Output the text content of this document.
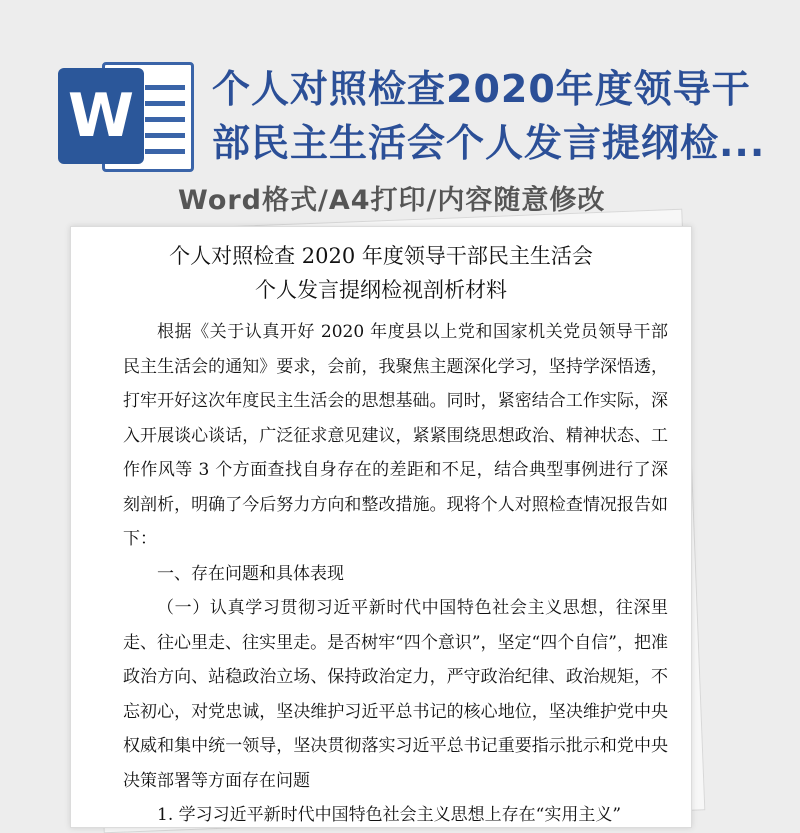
W 个人对照检查2020年度领导干部民主生活会个人发言提纲检...
Word格式/A4打印/内容随意修改
个人对照检查 2020 年度领导干部民主生活会
个人发言提纲检视剖析材料

根据《关于认真开好 2020 年度县以上党和国家机关党员领导干部民主生活会的通知》要求，会前，我聚焦主题深化学习，坚持学深悟透，打牢开好这次年度民主生活会的思想基础。同时，紧密结合工作实际，深入开展谈心谈话，广泛征求意见建议，紧紧围绕思想政治、精神状态、工作作风等 3 个方面查找自身存在的差距和不足，结合典型事例进行了深刻剖析，明确了今后努力方向和整改措施。现将个人对照检查情况报告如下：

一、存在问题和具体表现

（一）认真学习贯彻习近平新时代中国特色社会主义思想，往深里走、往心里走、往实里走。是否树牢“四个意识”，坚定“四个自信”，把准政治方向、站稳政治立场、保持政治定力，严守政治纪律、政治规矩，不忘初心，对党忠诚，坚决维护习近平总书记的核心地位，坚决维护党中央权威和集中统一领导，坚决贯彻落实习近平总书记重要指示批示和党中央决策部署等方面存在问题

1. 学习习近平新时代中国特色社会主义思想上存在“实用主义”
